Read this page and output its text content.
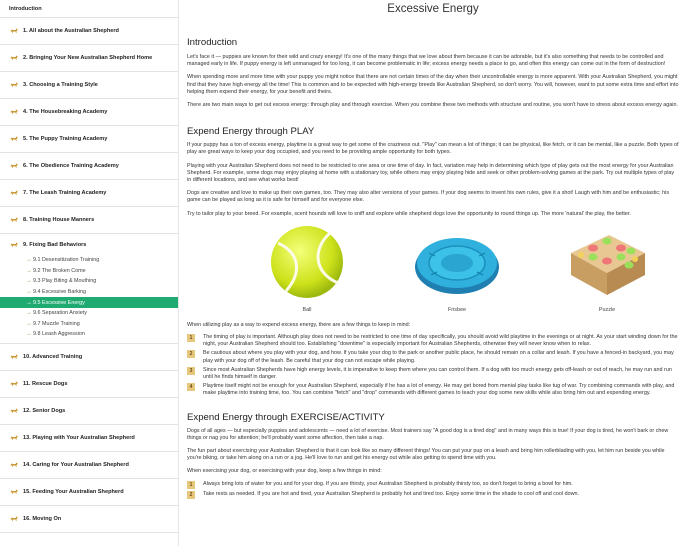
Introduction
1. All about the Australian Shepherd
2. Bringing Your New Australian Shepherd Home
3. Choosing a Training Style
4. The Housebreaking Academy
5. The Puppy Training Academy
6. The Obedience Training Academy
7. The Leash Training Academy
8. Training House Manners
9. Fixing Bad Behaviors
→ 9.1 Desensitization Training
→ 9.2 The Broken Come
→ 9.3 Play Biting & Mouthing
→ 9.4 Excessive Barking
→ 9.5 Excessive Energy
→ 9.6 Separation Anxiety
→ 9.7 Muzzle Training
→ 9.8 Leash Aggression
10. Advanced Training
11. Rescue Dogs
12. Senior Dogs
13. Playing with Your Australian Shepherd
14. Caring for Your Australian Shepherd
15. Feeding Your Australian Shepherd
16. Moving On
Excessive Energy
Introduction

Let's face it — puppies are known for their wild and crazy energy! It's one of the many things that we love about them because it can be adorable, but it's also something that needs to be controlled and managed early in life. If puppy energy is left unmanaged for too long, it can become problematic in life; excess energy needs a place to go, and often this energy can come out in the form of destruction!

When spending more and more time with your puppy you might notice that there are not certain times of the day when their uncontrollable energy is more apparent. With your Australian Shepherd, you might find that they have high energy all the time! This is common and to be expected with high-energy breeds like Australian Shepherd, so don't worry. You will, however, want to put some extra time and effort into helping them expend their energy, for your benefit and theirs.

There are two main ways to get out excess energy: through play and through exercise. When you combine these two methods with structure and routine, you won't have to stress about excess energy again.

Expend Energy through PLAY

If your puppy has a ton of excess energy, playtime is a great way to get some of the craziness out. "Play" can mean a lot of things; it can be physical, like fetch, or it can be mental, like a puzzle. Both types of play are great ways to keep your dog occupied, and you need to be providing ample opportunity for both types.

Playing with your Australian Shepherd does not need to be restricted to one area or one time of day. In fact, variation may help in determining which type of play gets out the most energy for your Australian Shepherd. For example, some dogs may enjoy playing at home with a stationary toy, while others may enjoy playing hide and seek or other problem-solving games at the park. Try out multiple types of play in different locations, and see what works best!

Dogs are creative and love to make up their own games, too. They may also alter versions of your games. If your dog seems to invent his own rules, give it a shot! Laugh with him and be enthusiastic; his game can be played as long as it is safe for himself and for everyone else.

Try to tailor play to your breed. For example, scent hounds will love to sniff and explore while shepherd dogs love the opportunity to round things up. The more 'natural' the play, the better.

Ball	Frisbee	Puzzle

When utilizing play as a way to expend excess energy, there are a few things to keep in mind:

1	The timing of play is important. Although play does not need to be restricted to one time of day specifically, you should avoid wild playtime in the evenings or at night. As your start winding down for the night, your Australian Shepherd should too. Establishing "downtime" is especially important for Australian Shepherds, otherwise they will never know when to relax.

2	Be cautious about where you play with your dog, and how. If you take your dog to the park or another public place, he should remain on a collar and leash. If you have a fenced-in backyard, you may play with your dog off of the leash. Be careful that your dog can not escape while playing.

3	Since most Australian Shepherds have high energy levels, it is imperative to keep them where you can control them. If a dog with too much energy gets off-leash or out of reach, he may run and run until he finds himself in danger.

4	Playtime itself might not be enough for your Australian Shepherd, especially if he has a lot of energy. He may get bored from menial play tasks like tug of war. Try combining commands with play, and make playtime into training time, too. You can combine "fetch" and "drop" commands with different games to teach your dog some new skills while also bring him out and expending energy.

Expend Energy through EXERCISE/ACTIVITY

Dogs of all ages — but especially puppies and adolescents — need a lot of exercise. Most trainers say "A good dog is a tired dog" and in many ways this is true! If your dog is tired, he won't bark or chew things or nag you for attention; he'll probably want some affection, then take a nap.

The fun part about exercising your Australian Shepherd is that it can look like so many different things! You can put your pup on a leash and bring him rollerblading with you, let him run beside you while you're biking, or take him along on a run or a jog. He'll love to run and get his energy out while also getting to spend time with you.

When exercising your dog, or exercising with your dog, keep a few things in mind:

1	Always bring lots of water for you and for your dog. If you are thirsty, your Australian Shepherd is probably thirsty too, so don't forget to bring a bowl for him.

2	Take rests as needed. If you are hot and tired, your Australian Shepherd is probably hot and tired too. Enjoy some time in the shade to cool off and cool down.
